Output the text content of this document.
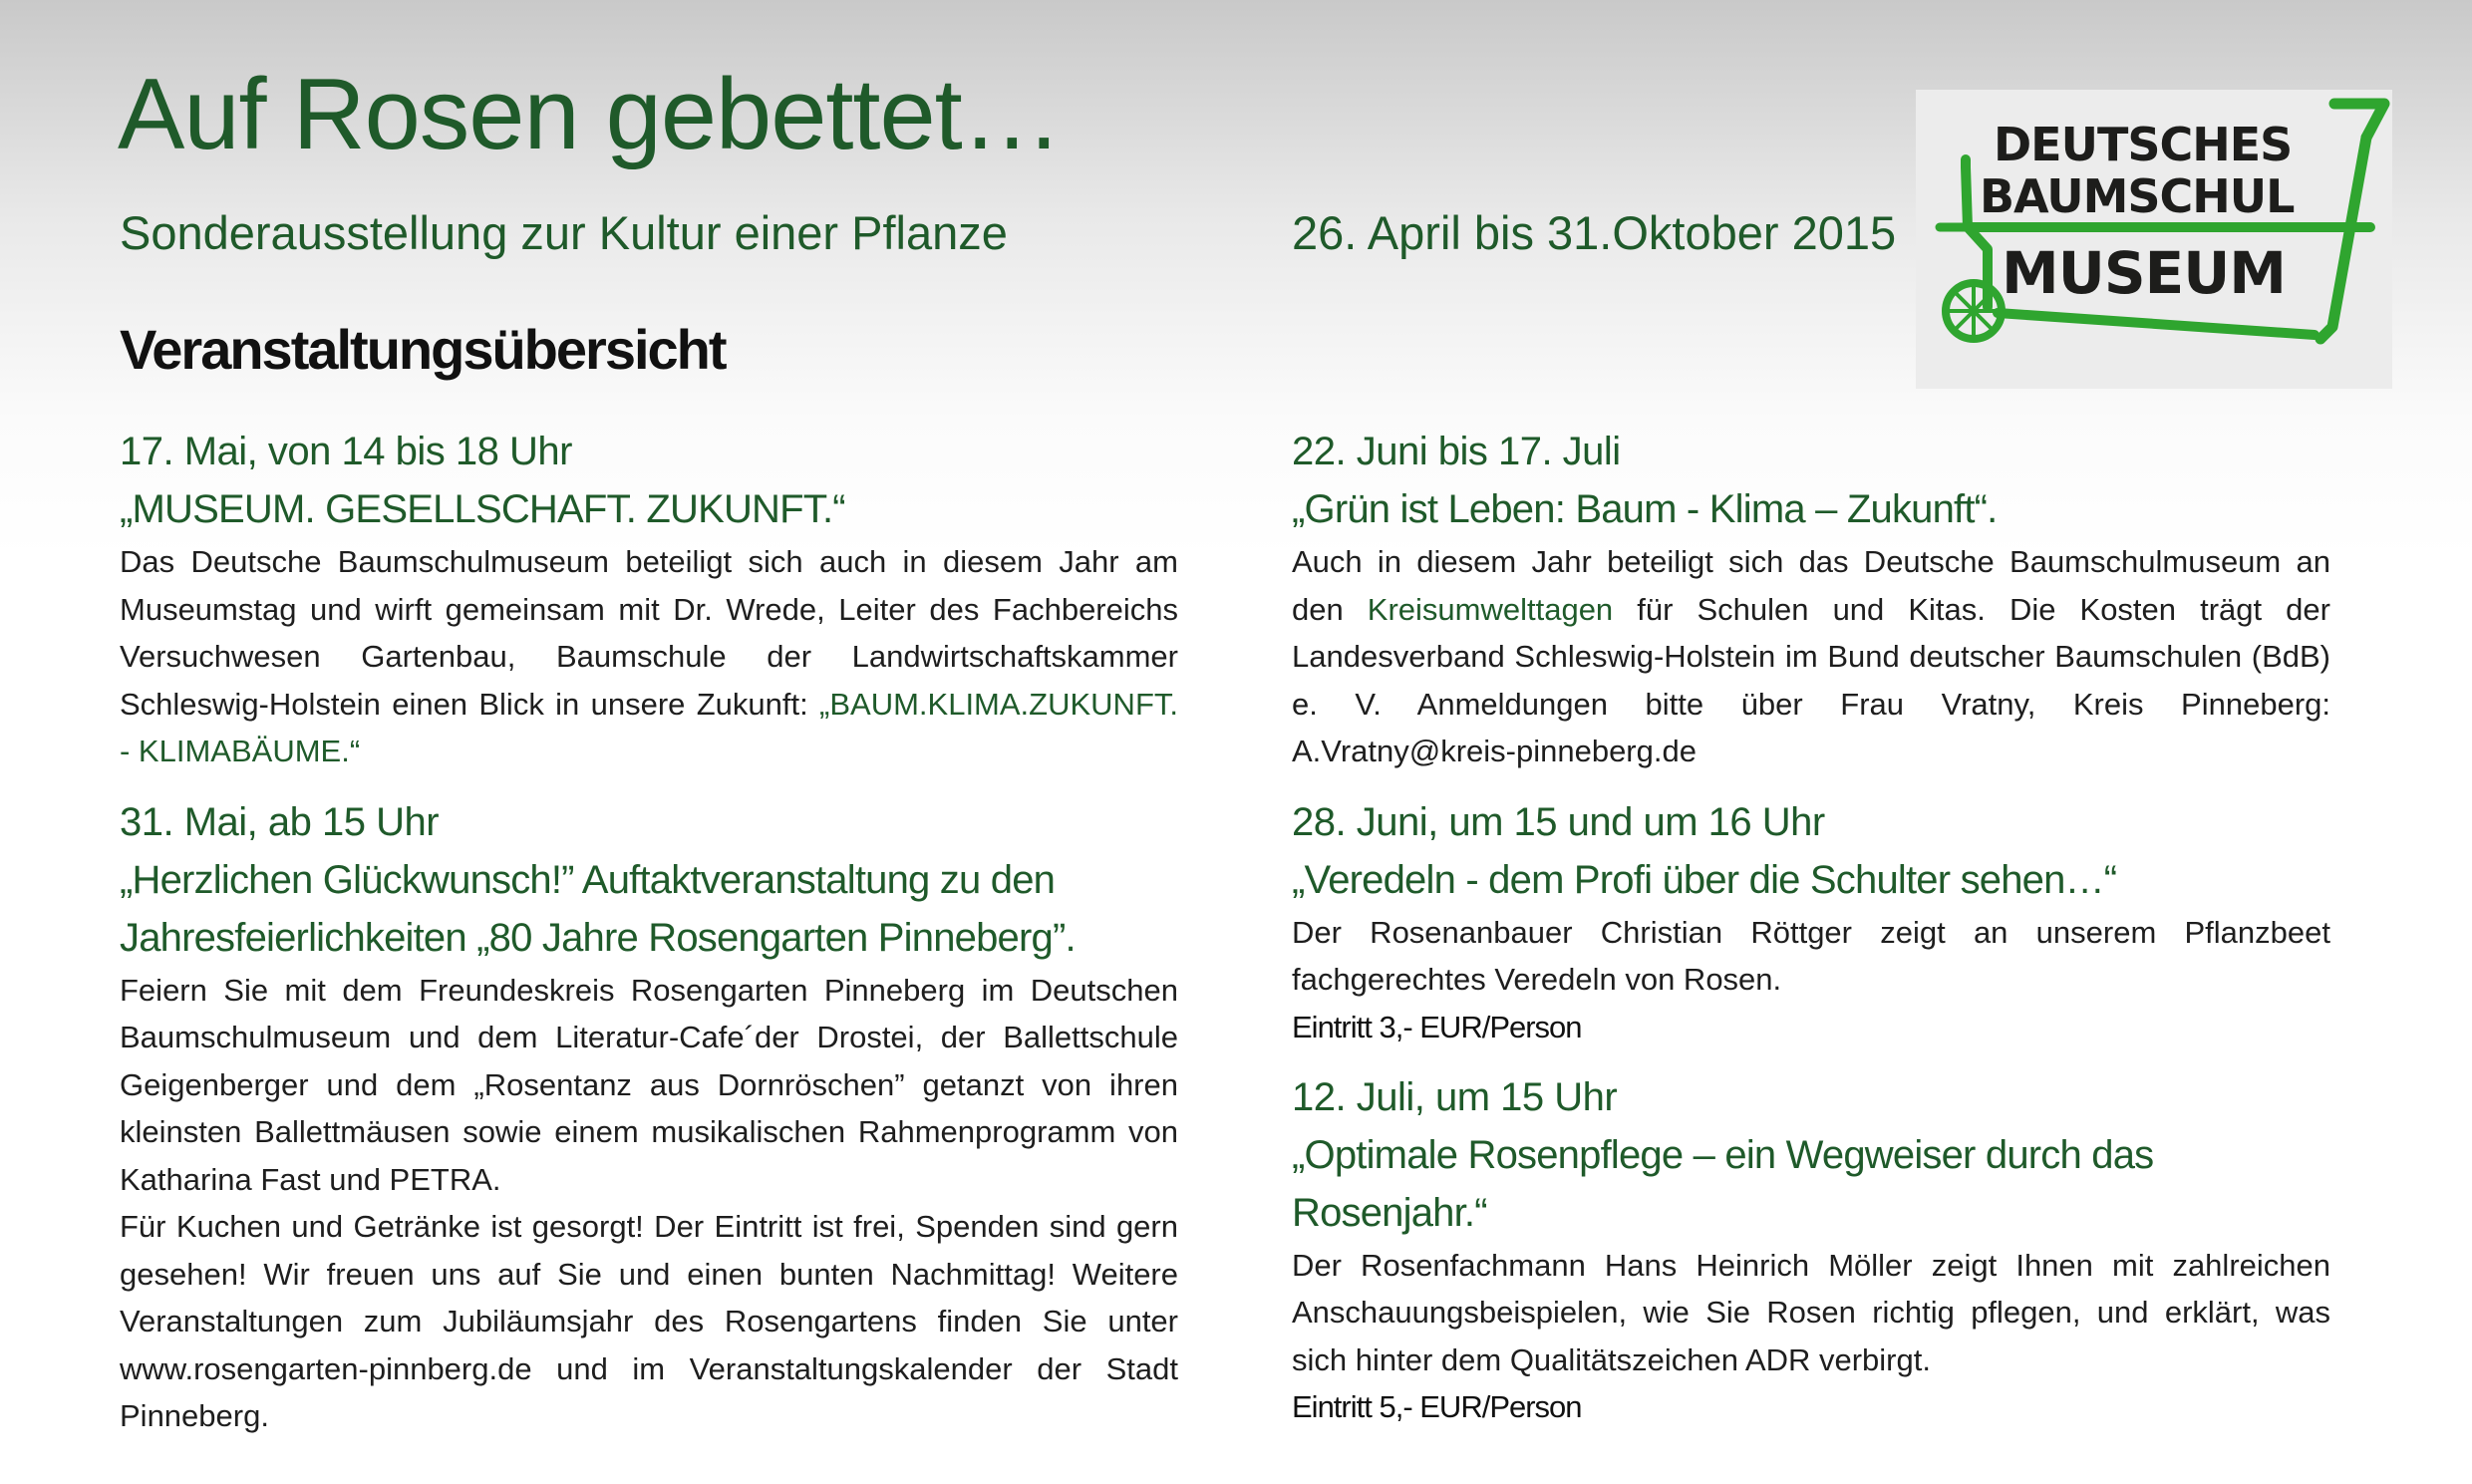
Auf Rosen gebettet…

Sonderausstellung zur Kultur einer Pflanze	26. April bis 31.Oktober 2015

Veranstaltungsübersicht
DEUTSCHES
BAUMSCHUL
MUSEUM

17. Mai, von 14 bis 18 Uhr

„MUSEUM. GESELLSCHAFT. ZUKUNFT.“

Das Deutsche Baumschulmuseum beteiligt sich auch in diesem Jahr am Museumstag und wirft gemeinsam mit Dr. Wrede, Leiter des Fachbereichs Versuchwesen Gartenbau, Baumschule der Landwirtschaftskammer Schleswig-Holstein einen Blick in unsere Zukunft: „BAUM.KLIMA.ZUKUNFT. - KLIMABÄUME.“

31. Mai, ab 15 Uhr

„Herzlichen Glückwunsch!” Auftaktveranstaltung zu den Jahresfeierlichkeiten „80 Jahre Rosengarten Pinneberg”.

Feiern Sie mit dem Freundeskreis Rosengarten Pinneberg im Deutschen Baumschulmuseum und dem Literatur-Cafe´der Drostei, der Ballettschule Geigenberger und dem „Rosentanz aus Dornröschen” getanzt von ihren kleinsten Ballettmäusen sowie einem musikalischen Rahmenprogramm von Katharina Fast und PETRA.

Für Kuchen und Getränke ist gesorgt! Der Eintritt ist frei, Spenden sind gern gesehen! Wir freuen uns auf Sie und einen bunten Nachmittag! Weitere Veranstaltungen zum Jubiläumsjahr des Rosengartens finden Sie unter www.rosengarten-pinnberg.de und im Veranstaltungskalender der Stadt Pinneberg.

22. Juni bis 17. Juli

„Grün ist Leben: Baum - Klima – Zukunft“.

Auch in diesem Jahr beteiligt sich das Deutsche Baumschulmuseum an den Kreisumwelttagen für Schulen und Kitas. Die Kosten trägt der Landesverband Schleswig-Holstein im Bund deutscher Baumschulen (BdB) e. V. Anmeldungen bitte über Frau Vratny, Kreis Pinneberg: A.Vratny@kreis-pinneberg.de

28. Juni, um 15 und um 16 Uhr

„Veredeln - dem Profi über die Schulter sehen…“

Der Rosenanbauer Christian Röttger zeigt an unserem Pflanzbeet fachgerechtes Veredeln von Rosen.

Eintritt 3,- EUR/Person

12. Juli, um 15 Uhr

„Optimale Rosenpflege – ein Wegweiser durch das Rosenjahr.“

Der Rosenfachmann Hans Heinrich Möller zeigt Ihnen mit zahlreichen Anschauungsbeispielen, wie Sie Rosen richtig pflegen, und erklärt, was sich hinter dem Qualitätszeichen ADR verbirgt.

Eintritt 5,- EUR/Person
